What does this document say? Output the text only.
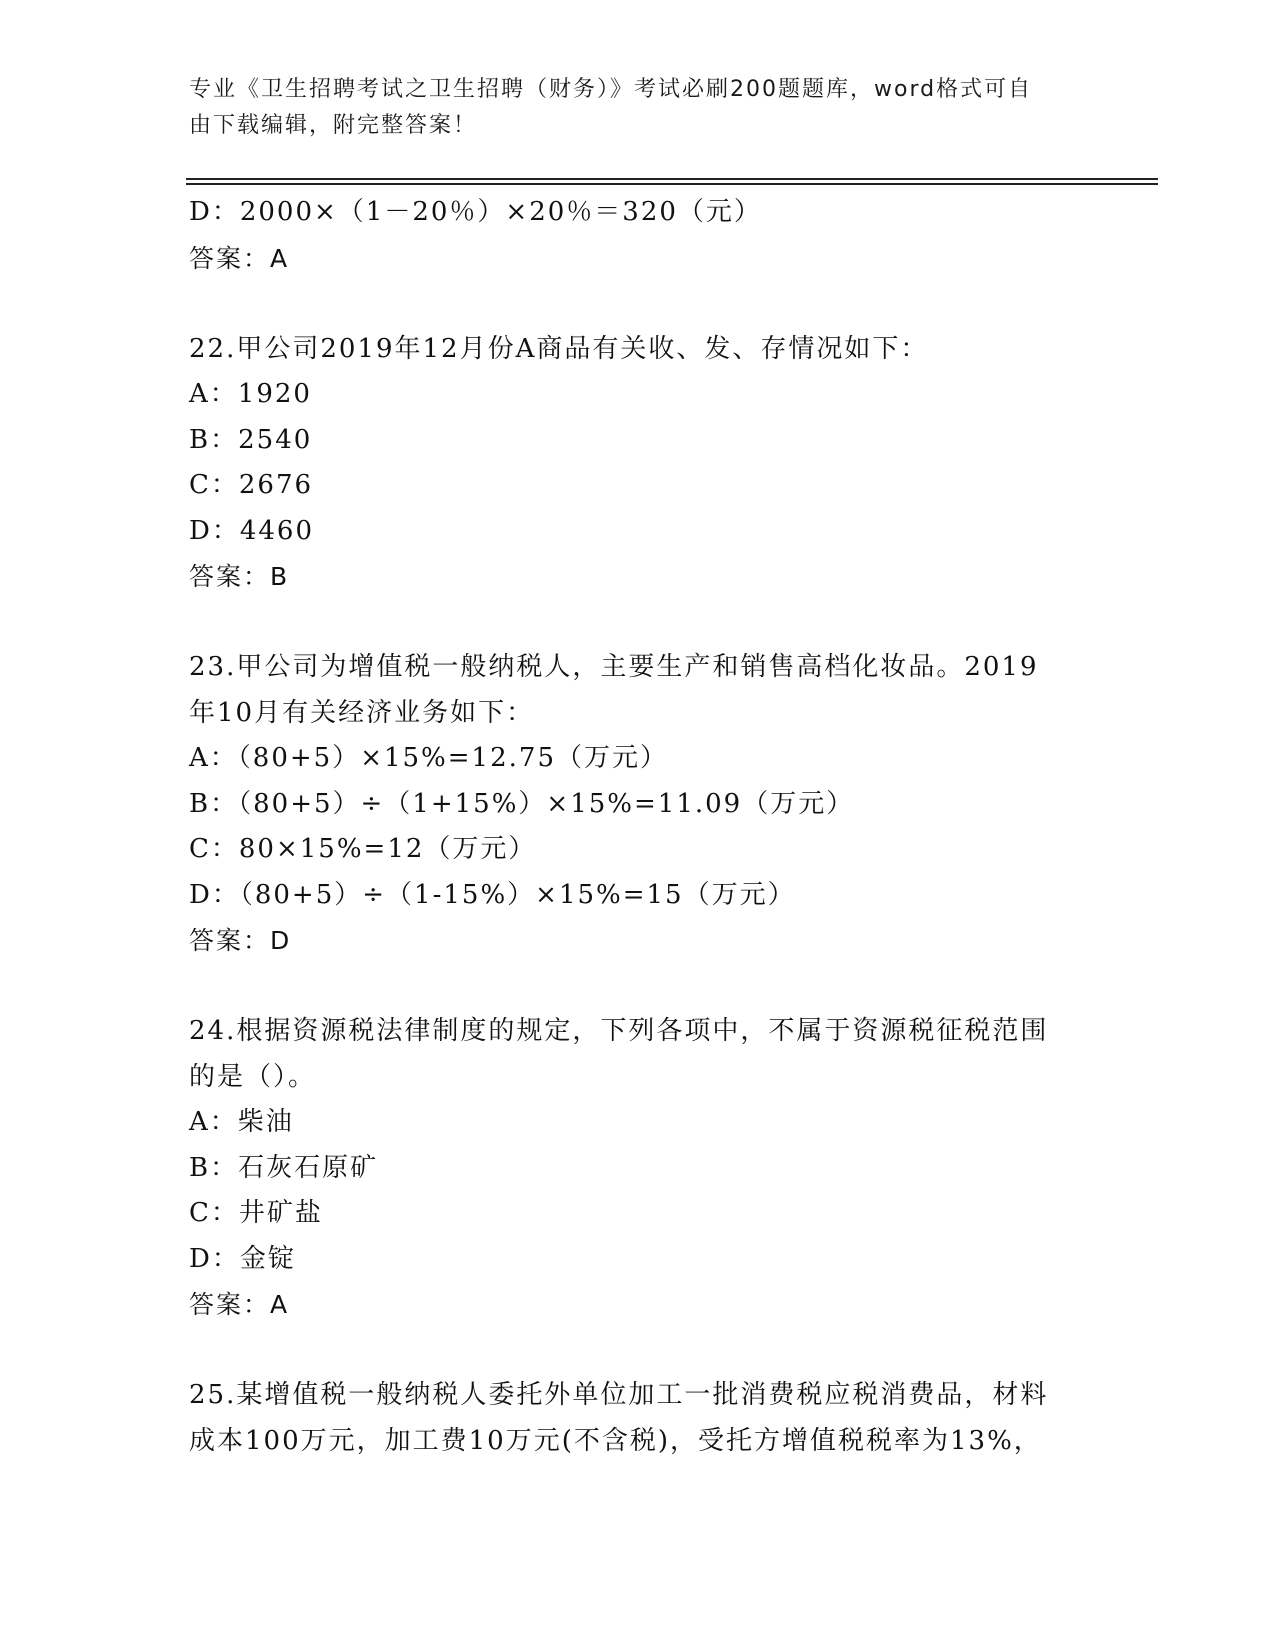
专业《卫生招聘考试之卫生招聘（财务）》考试必刷200题题库，word格式可自
由下载编辑，附完整答案！
D：2000×（1－20％）×20％＝320（元）
答案：A
22.甲公司2019年12月份A商品有关收、发、存情况如下：
A：1920
B：2540
C：2676
D：4460
答案：B
23.甲公司为增值税一般纳税人，主要生产和销售高档化妆品。2019
年10月有关经济业务如下：
A：（80+5）×15%=12.75（万元）
B：（80+5）÷（1+15%）×15%=11.09（万元）
C：80×15%=12（万元）
D：（80+5）÷（1-15%）×15%=15（万元）
答案：D
24.根据资源税法律制度的规定，下列各项中，不属于资源税征税范围
的是（）。
A：柴油
B：石灰石原矿
C：井矿盐
D：金锭
答案：A
25.某增值税一般纳税人委托外单位加工一批消费税应税消费品，材料
成本100万元，加工费10万元(不含税)，受托方增值税税率为13%，
